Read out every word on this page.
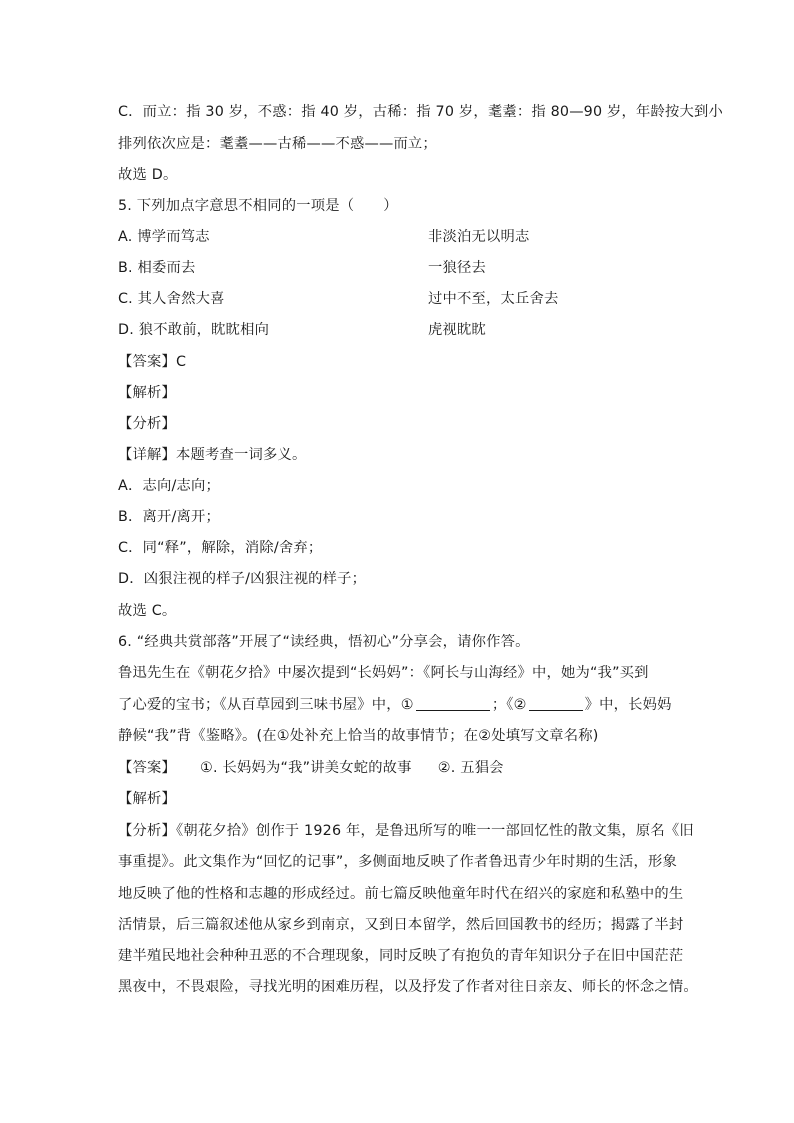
C．而立：指 30 岁，不惑：指 40 岁，古稀：指 70 岁，耄耋：指 80—90 岁，年龄按大到小
排列依次应是：耄耋——古稀——不惑——而立；
故选 D。
5. 下列加点字意思不相同的一项是（　　）
A. 博学而笃志	非淡泊无以明志
B. 相委而去	一狼径去
C. 其人舍然大喜	过中不至，太丘舍去
D. 狼不敢前，眈眈相向	虎视眈眈
【答案】C
【解析】
【分析】
【详解】本题考查一词多义。
A．志向/志向；
B．离开/离开；
C．同“释”，解除，消除/舍弃；
D．凶狠注视的样子/凶狠注视的样子；
故选 C。
6. “经典共赏部落”开展了“读经典，悟初心”分享会，请你作答。
鲁迅先生在《朝花夕拾》中屡次提到“长妈妈”：《阿长与山海经》中，她为“我”买到
了心爱的宝书；《从百草园到三味书屋》中，①	；《②	》中，长妈妈
静候“我”背《鉴略》。(在①处补充上恰当的故事情节；在②处填写文章名称)
【答案】 ①. 长妈妈为“我”讲美女蛇的故事 ②. 五猖会
【解析】
【分析】《朝花夕拾》创作于 1926 年，是鲁迅所写的唯一一部回忆性的散文集，原名《旧
事重提》。此文集作为“回忆的记事”，多侧面地反映了作者鲁迅青少年时期的生活，形象
地反映了他的性格和志趣的形成经过。前七篇反映他童年时代在绍兴的家庭和私塾中的生
活情景，后三篇叙述他从家乡到南京，又到日本留学，然后回国教书的经历；揭露了半封
建半殖民地社会种种丑恶的不合理现象，同时反映了有抱负的青年知识分子在旧中国茫茫
黑夜中，不畏艰险，寻找光明的困难历程，以及抒发了作者对往日亲友、师长的怀念之情。
